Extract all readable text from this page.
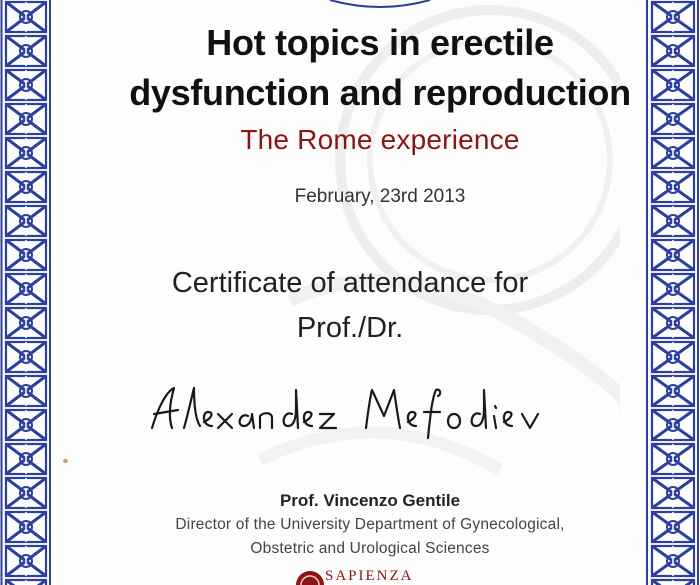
Hot topics in erectile
dysfunction and reproduction
The Rome experience
February, 23rd 2013
Certificate of attendance for
Prof./Dr.
Prof. Vincenzo Gentile
Director of the University Department of Gynecological,
Obstetric and Urological Sciences
SAPIENZA
